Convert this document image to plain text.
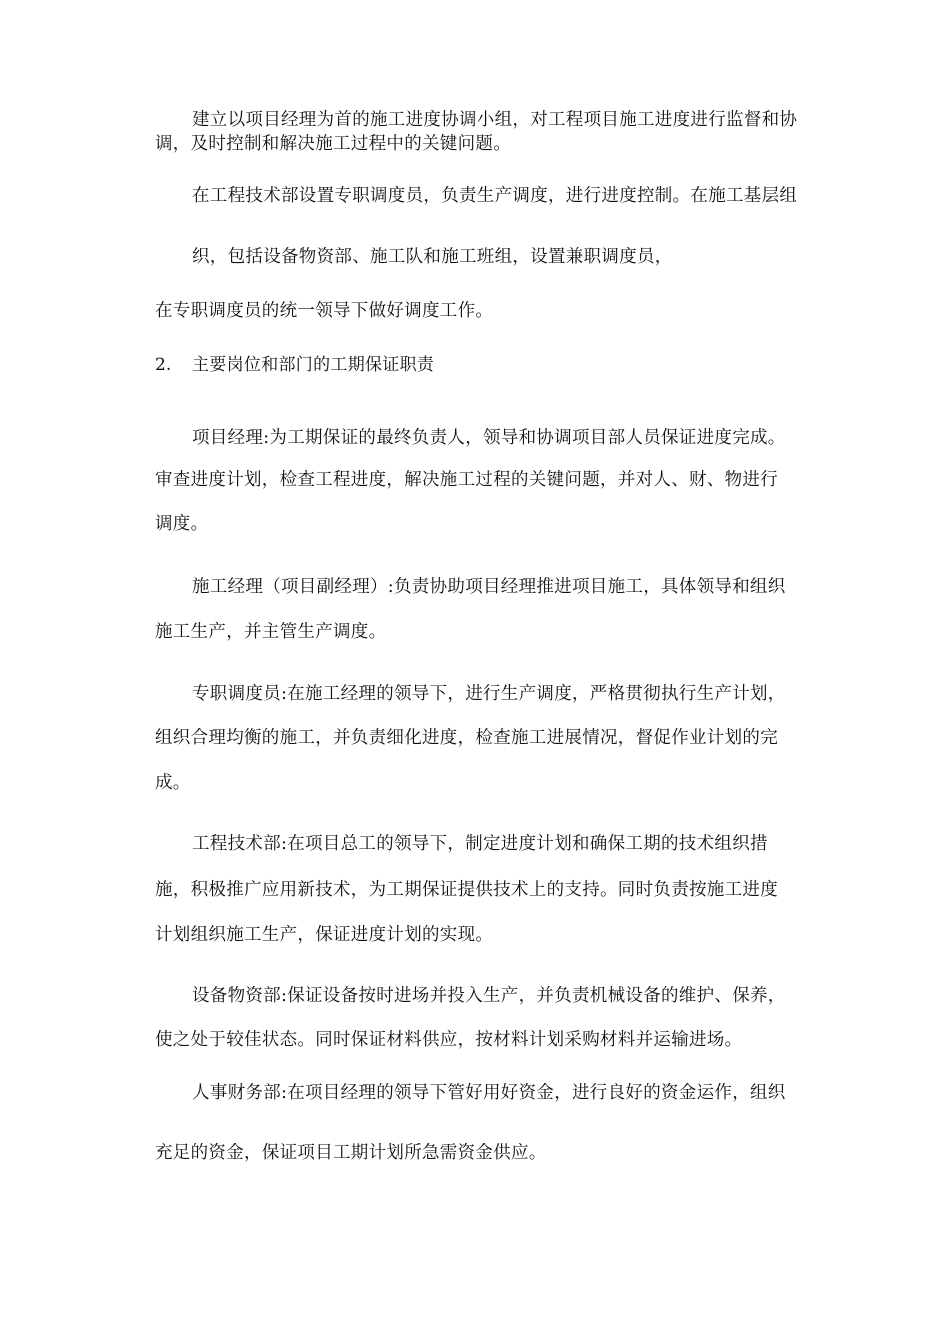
建立以项目经理为首的施工进度协调小组，对工程项目施工进度进行监督和协
调，及时控制和解决施工过程中的关键问题。
在工程技术部设置专职调度员，负责生产调度，进行进度控制。在施工基层组
织，包括设备物资部、施工队和施工班组，设置兼职调度员，
在专职调度员的统一领导下做好调度工作。
2. 主要岗位和部门的工期保证职责
项目经理:为工期保证的最终负责人，领导和协调项目部人员保证进度完成。
审查进度计划，检查工程进度，解决施工过程的关键问题，并对人、财、物进行
调度。
施工经理（项目副经理）:负责协助项目经理推进项目施工，具体领导和组织
施工生产，并主管生产调度。
专职调度员:在施工经理的领导下，进行生产调度，严格贯彻执行生产计划，
组织合理均衡的施工，并负责细化进度，检查施工进展情况，督促作业计划的完
成。
工程技术部:在项目总工的领导下，制定进度计划和确保工期的技术组织措
施，积极推广应用新技术，为工期保证提供技术上的支持。同时负责按施工进度
计划组织施工生产，保证进度计划的实现。
设备物资部:保证设备按时进场并投入生产，并负责机械设备的维护、保养，
使之处于较佳状态。同时保证材料供应，按材料计划采购材料并运输进场。
人事财务部:在项目经理的领导下管好用好资金，进行良好的资金运作，组织
充足的资金，保证项目工期计划所急需资金供应。
